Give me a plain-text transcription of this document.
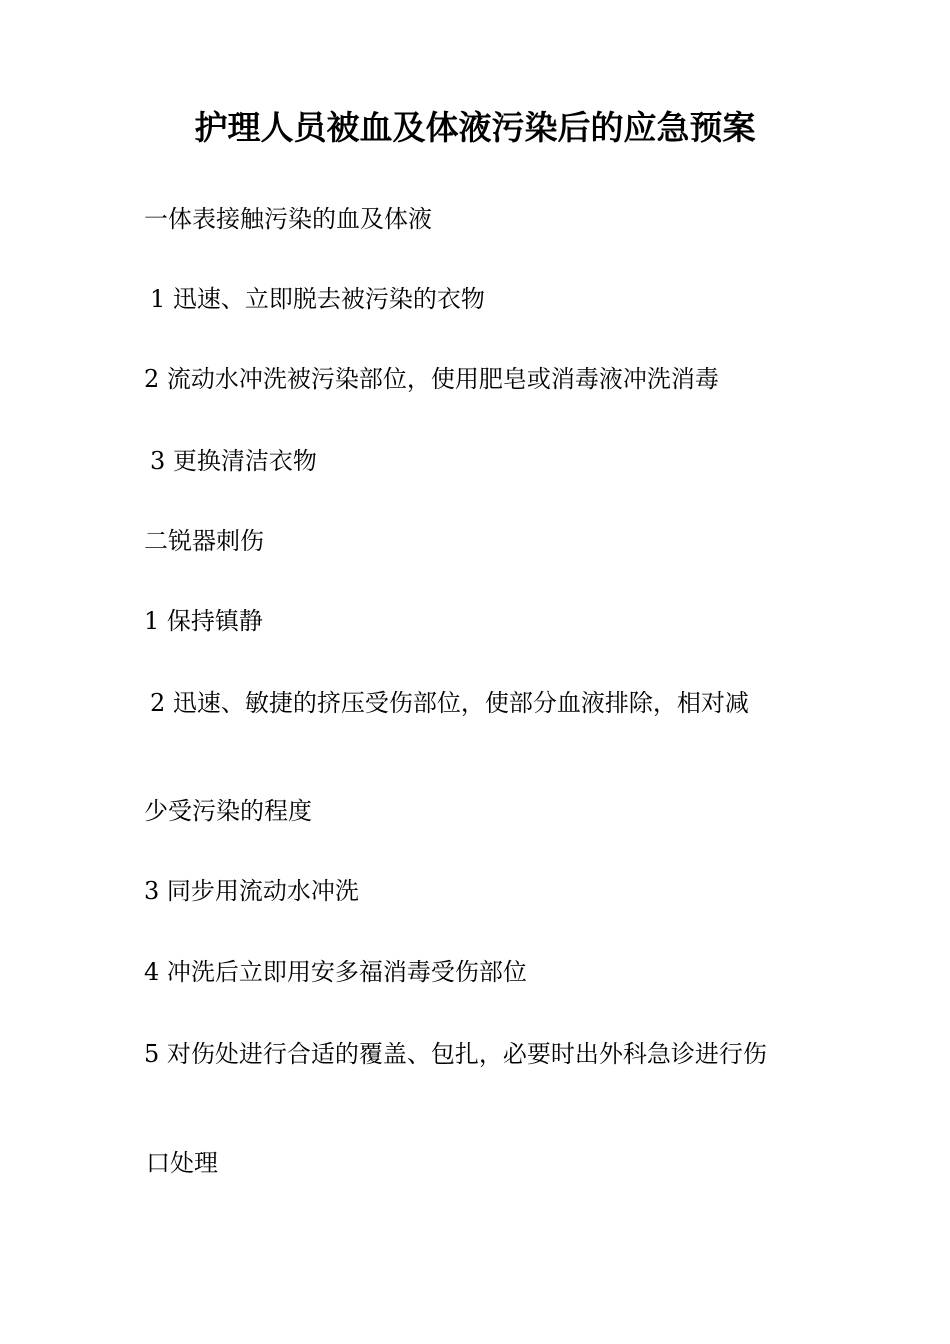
护理人员被血及体液污染后的应急预案
一体表接触污染的血及体液
1 迅速、立即脱去被污染的衣物
2 流动水冲洗被污染部位，使用肥皂或消毒液冲洗消毒
3 更换清洁衣物
二锐器刺伤
1 保持镇静
2 迅速、敏捷的挤压受伤部位，使部分血液排除，相对减
少受污染的程度
3 同步用流动水冲洗
4 冲洗后立即用安多福消毒受伤部位
5 对伤处进行合适的覆盖、包扎，必要时出外科急诊进行伤
口处理
